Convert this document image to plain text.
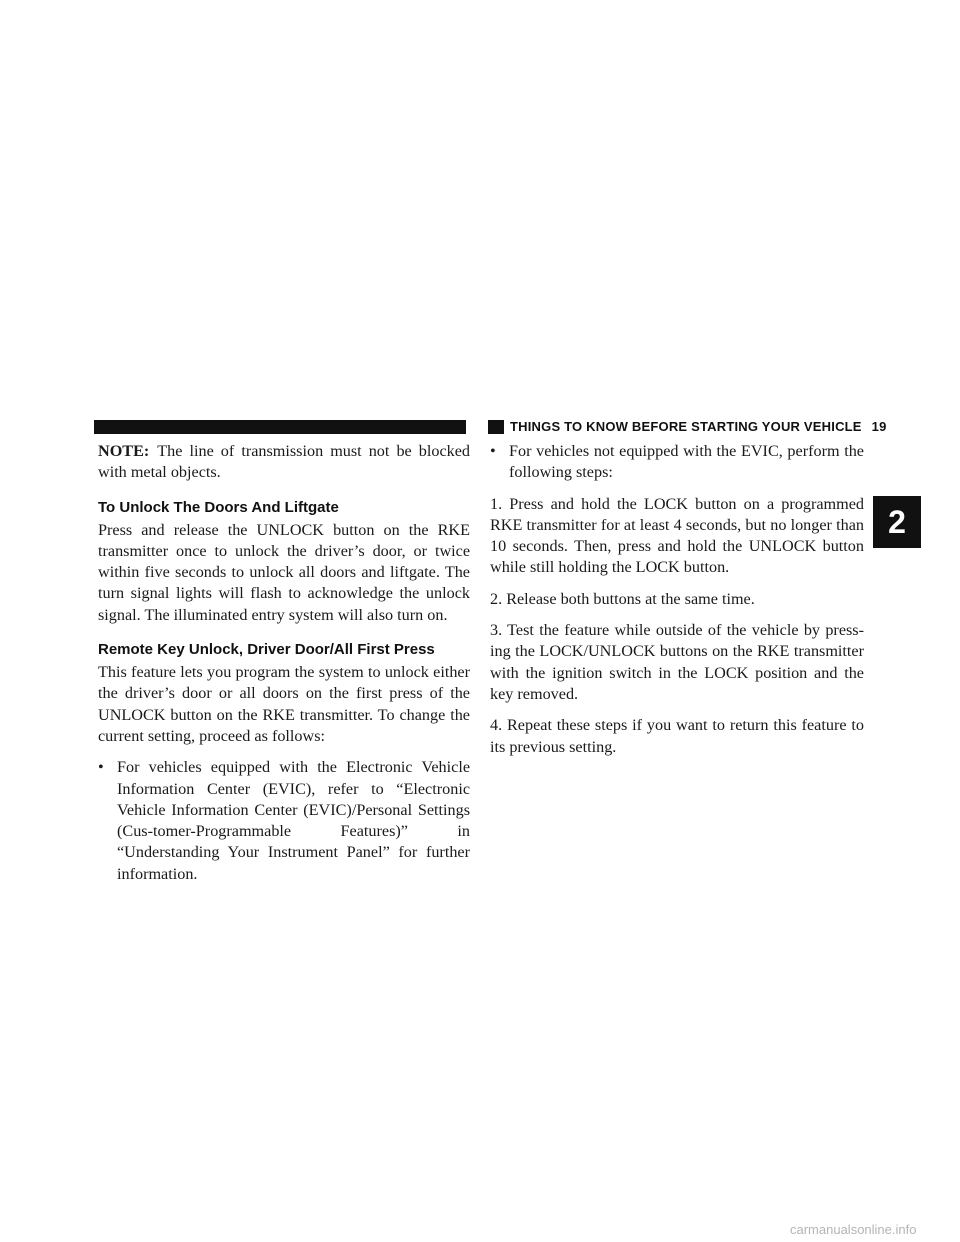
THINGS TO KNOW BEFORE STARTING YOUR VEHICLE 19

NOTE: The line of transmission must not be blocked with metal objects.

To Unlock The Doors And Liftgate

Press and release the UNLOCK button on the RKE transmitter once to unlock the driver’s door, or twice within five seconds to unlock all doors and liftgate. The turn signal lights will flash to acknowledge the unlock signal. The illuminated entry system will also turn on.

Remote Key Unlock, Driver Door/All First Press

This feature lets you program the system to unlock either the driver’s door or all doors on the first press of the UNLOCK button on the RKE transmitter. To change the current setting, proceed as follows:

• For vehicles equipped with the Electronic Vehicle Information Center (EVIC), refer to “Electronic Vehicle Information Center (EVIC)/Personal Settings (Cus-tomer-Programmable Features)” in “Understanding Your Instrument Panel” for further information.
• For vehicles not equipped with the EVIC, perform the following steps:

1. Press and hold the LOCK button on a programmed RKE transmitter for at least 4 seconds, but no longer than 10 seconds. Then, press and hold the UNLOCK button while still holding the LOCK button.

2. Release both buttons at the same time.

3. Test the feature while outside of the vehicle by press-ing the LOCK/UNLOCK buttons on the RKE transmitter with the ignition switch in the LOCK position and the key removed.

4. Repeat these steps if you want to return this feature to its previous setting.

2
carmanualsonline.info
